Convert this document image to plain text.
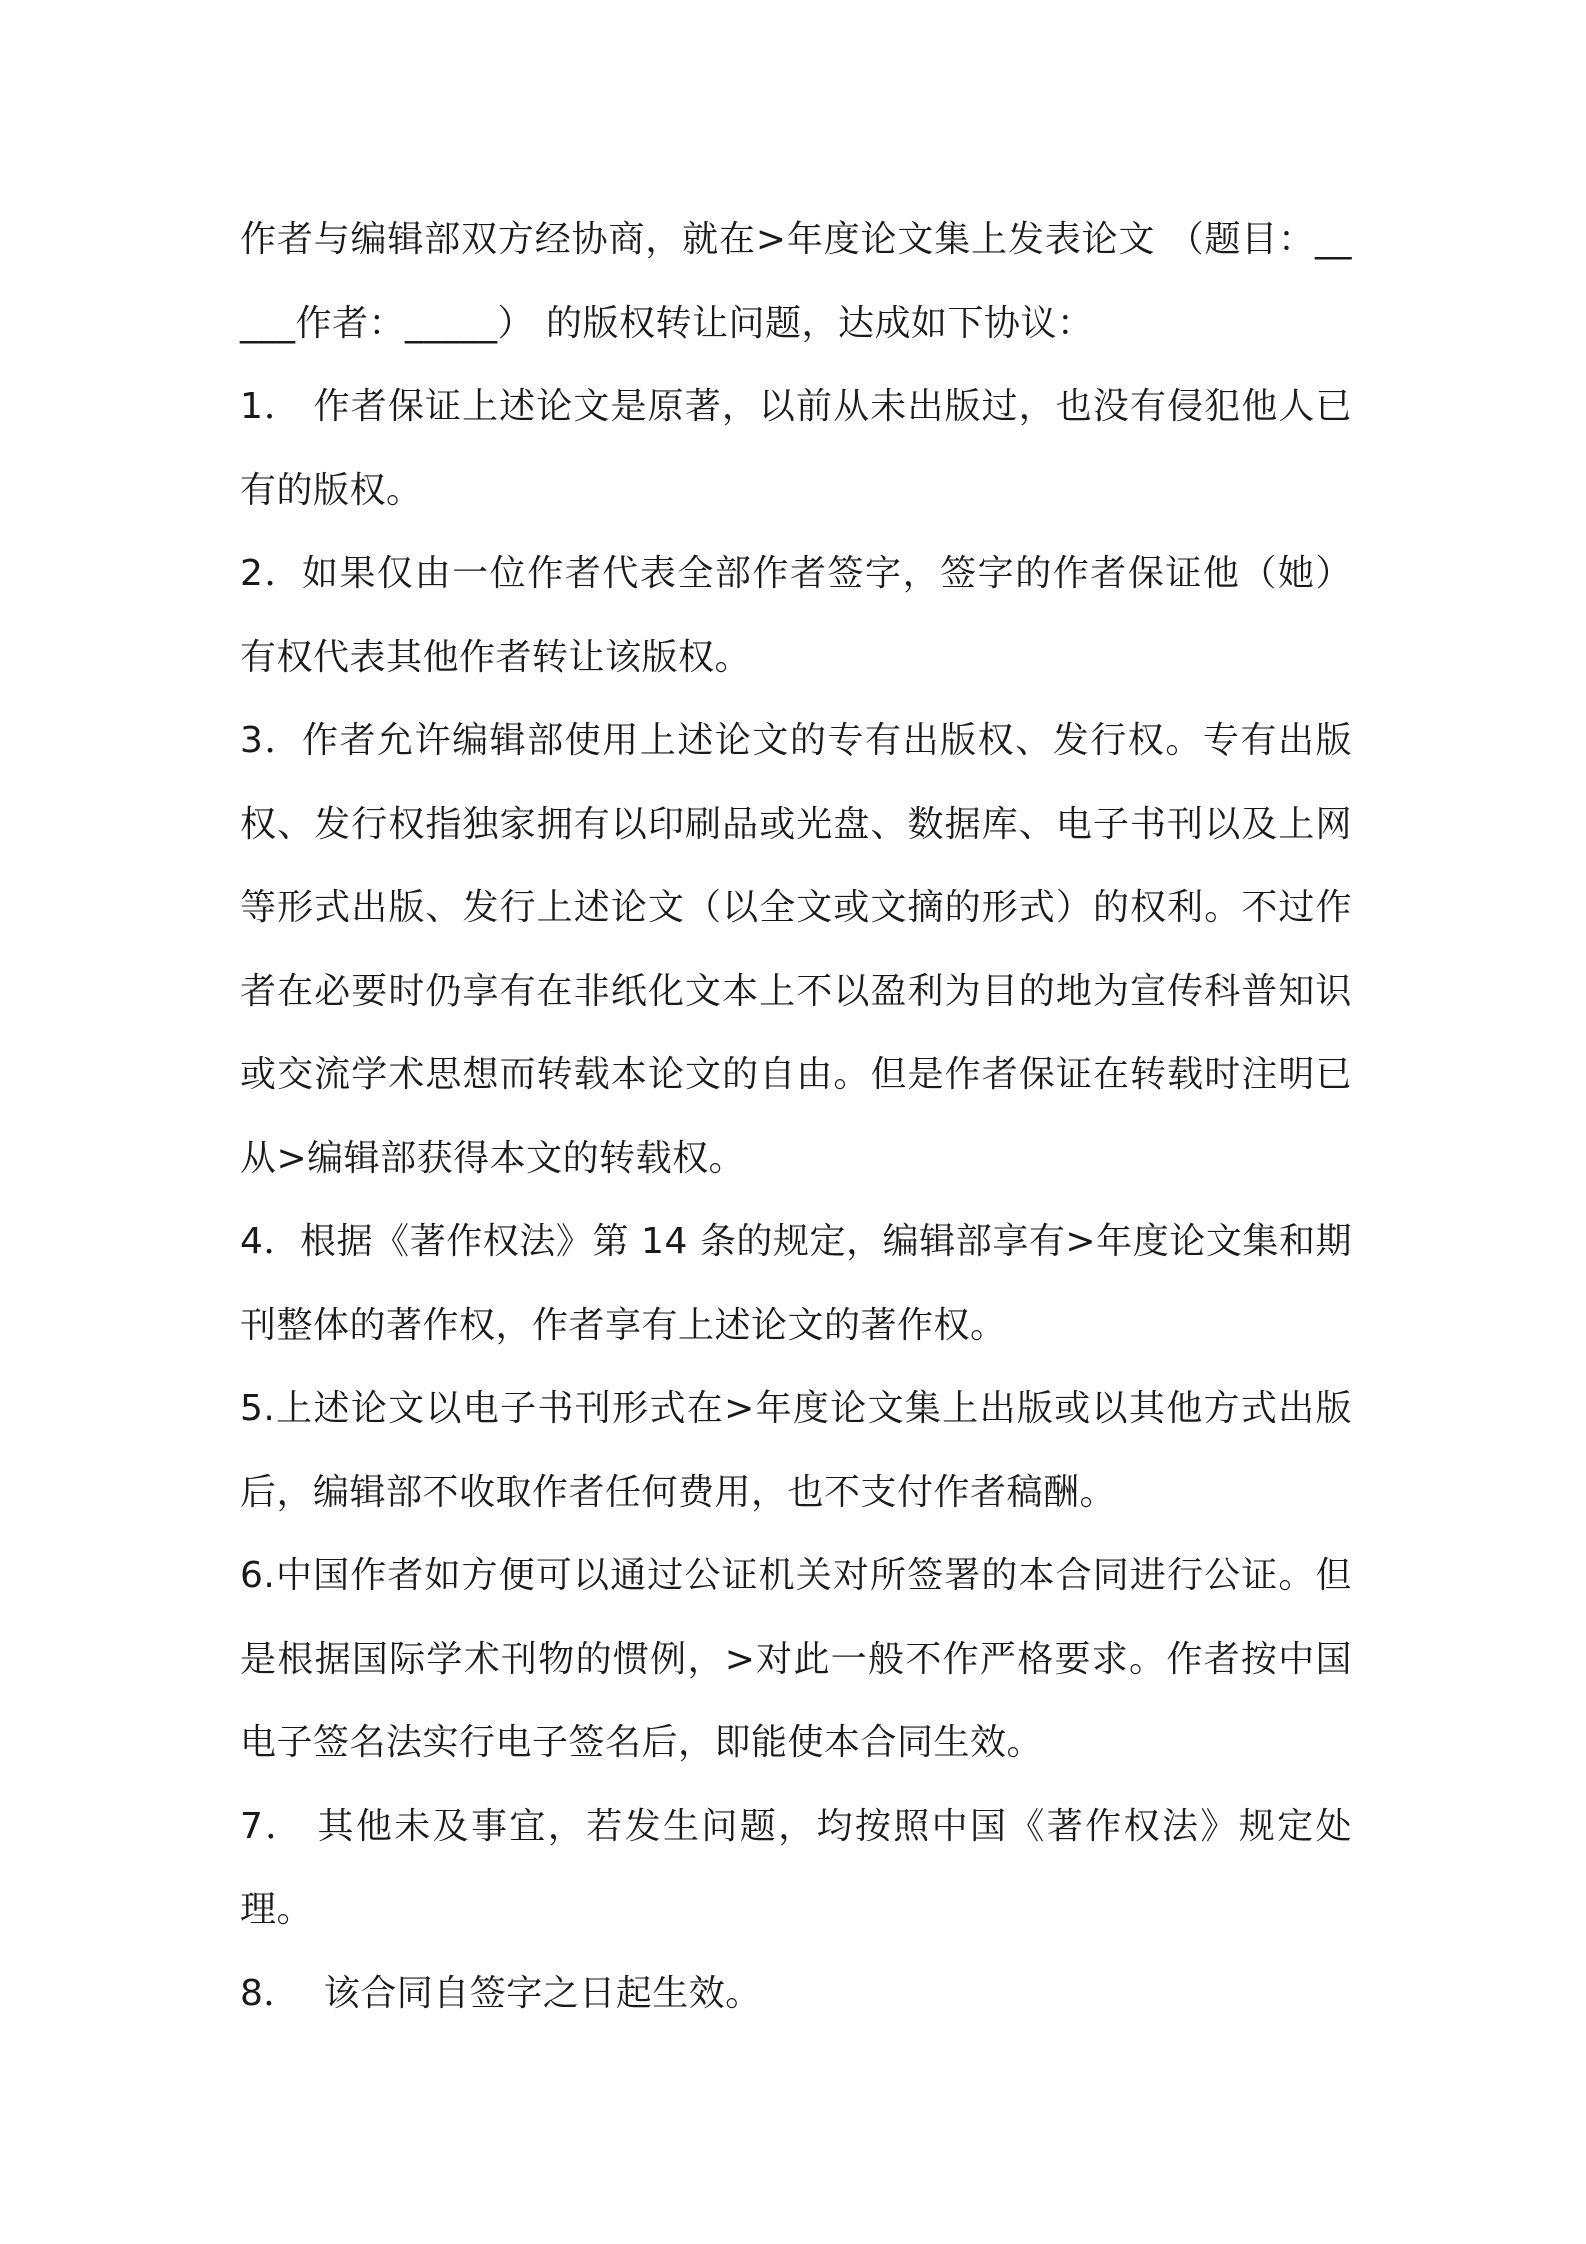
作者与编辑部双方经协商，就在>年度论文集上发表论文 （题目：_____作者：_____） 的版权转让问题，达成如下协议：

1． 作者保证上述论文是原著，以前从未出版过，也没有侵犯他人已有的版权。

2．如果仅由一位作者代表全部作者签字，签字的作者保证他（她）有权代表其他作者转让该版权。

3．作者允许编辑部使用上述论文的专有出版权、发行权。专有出版权、发行权指独家拥有以印刷品或光盘、数据库、电子书刊以及上网等形式出版、发行上述论文（以全文或文摘的形式）的权利。不过作者在必要时仍享有在非纸化文本上不以盈利为目的地为宣传科普知识或交流学术思想而转载本论文的自由。但是作者保证在转载时注明已从>编辑部获得本文的转载权。

4．根据《著作权法》第 14 条的规定，编辑部享有>年度论文集和期刊整体的著作权，作者享有上述论文的著作权。

5.上述论文以电子书刊形式在>年度论文集上出版或以其他方式出版后，编辑部不收取作者任何费用，也不支付作者稿酬。

6.中国作者如方便可以通过公证机关对所签署的本合同进行公证。但是根据国际学术刊物的惯例，>对此一般不作严格要求。作者按中国电子签名法实行电子签名后，即能使本合同生效。

7． 其他未及事宜，若发生问题，均按照中国《著作权法》规定处理。

8．  该合同自签字之日起生效。
